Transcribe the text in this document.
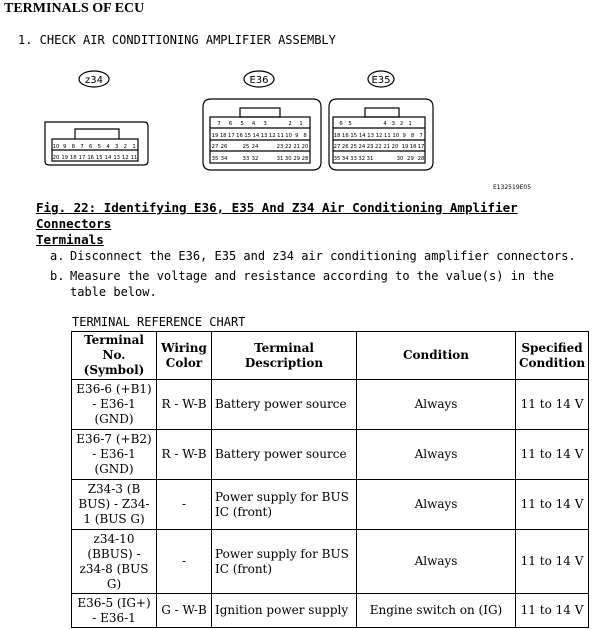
TERMINALS OF ECU
1. CHECK AIR CONDITIONING AMPLIFIER ASSEMBLY
z34	E36	E35
10 9 8 7 6 5 4 3 2 1
20 19 18 17 16 15 14 13 12 11
7 6 5 4 3	2 1
19 18 17 16 15 14 13 12 11 10 9 8
27 26	25 24	23 22 21 20
35 34	33 32	31 30 29 28
6 5	4 3 2 1
18 16 15 14 13 12 11 10 9 8 7
27 26 25 24 23 22 21 20 19 18 17
35 34 33 32 31	30 29 28
E132519E05
Fig. 22: Identifying E36, E35 And Z34 Air Conditioning Amplifier Connectors
Terminals
a. Disconnect the E36, E35 and z34 air conditioning amplifier connectors.
b. Measure the voltage and resistance according to the value(s) in the table below.
TERMINAL REFERENCE CHART
Terminal No. (Symbol)	Wiring Color	Terminal Description	Condition	Specified Condition
E36-6 (+B1) - E36-1 (GND)	R - W-B	Battery power source	Always	11 to 14 V
E36-7 (+B2) - E36-1 (GND)	R - W-B	Battery power source	Always	11 to 14 V
Z34-3 (B BUS) - Z34-1 (BUS G)	-	Power supply for BUS IC (front)	Always	11 to 14 V
z34-10 (BBUS) - z34-8 (BUS G)	-	Power supply for BUS IC (front)	Always	11 to 14 V
E36-5 (IG+) - E36-1	G - W-B	Ignition power supply	Engine switch on (IG)	11 to 14 V
